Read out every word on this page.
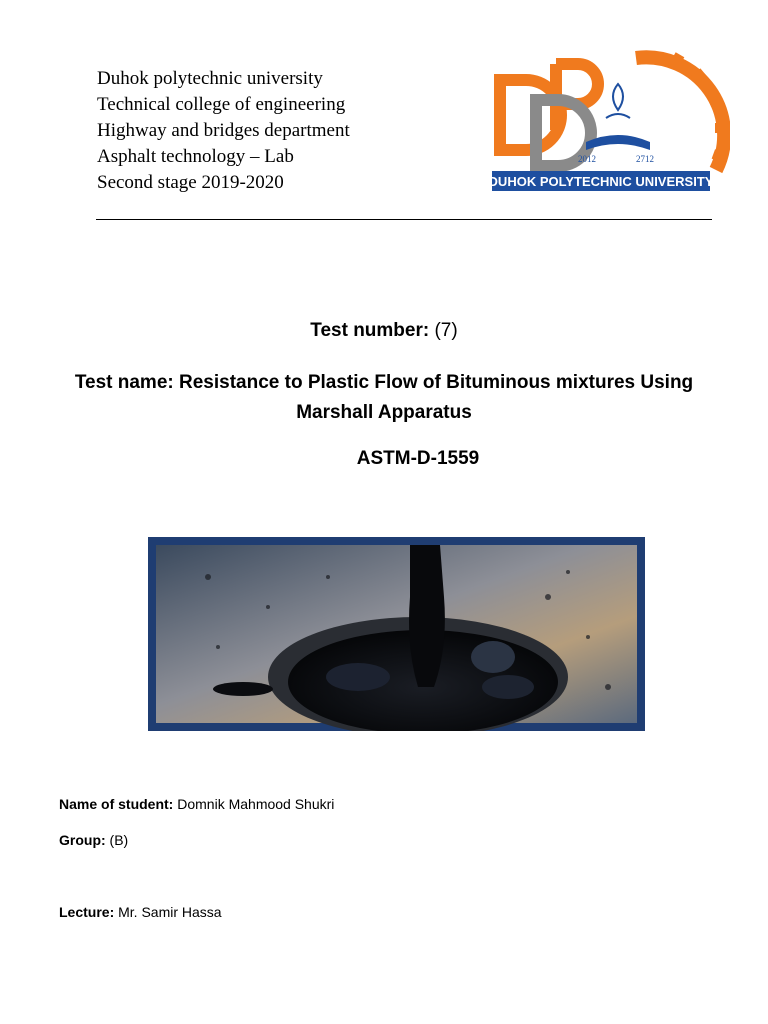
Duhok polytechnic university
Technical college of engineering
Highway and bridges department
Asphalt technology – Lab
Second stage 2019-2020
2012	2712
DUHOK POLYTECHNIC UNIVERSITY
Test number: (7)
Test name: Resistance to Plastic Flow of Bituminous mixtures Using
Marshall Apparatus
ASTM-D-1559
Name of student: Domnik Mahmood Shukri
Group: (B)
Lecture: Mr. Samir Hassa
